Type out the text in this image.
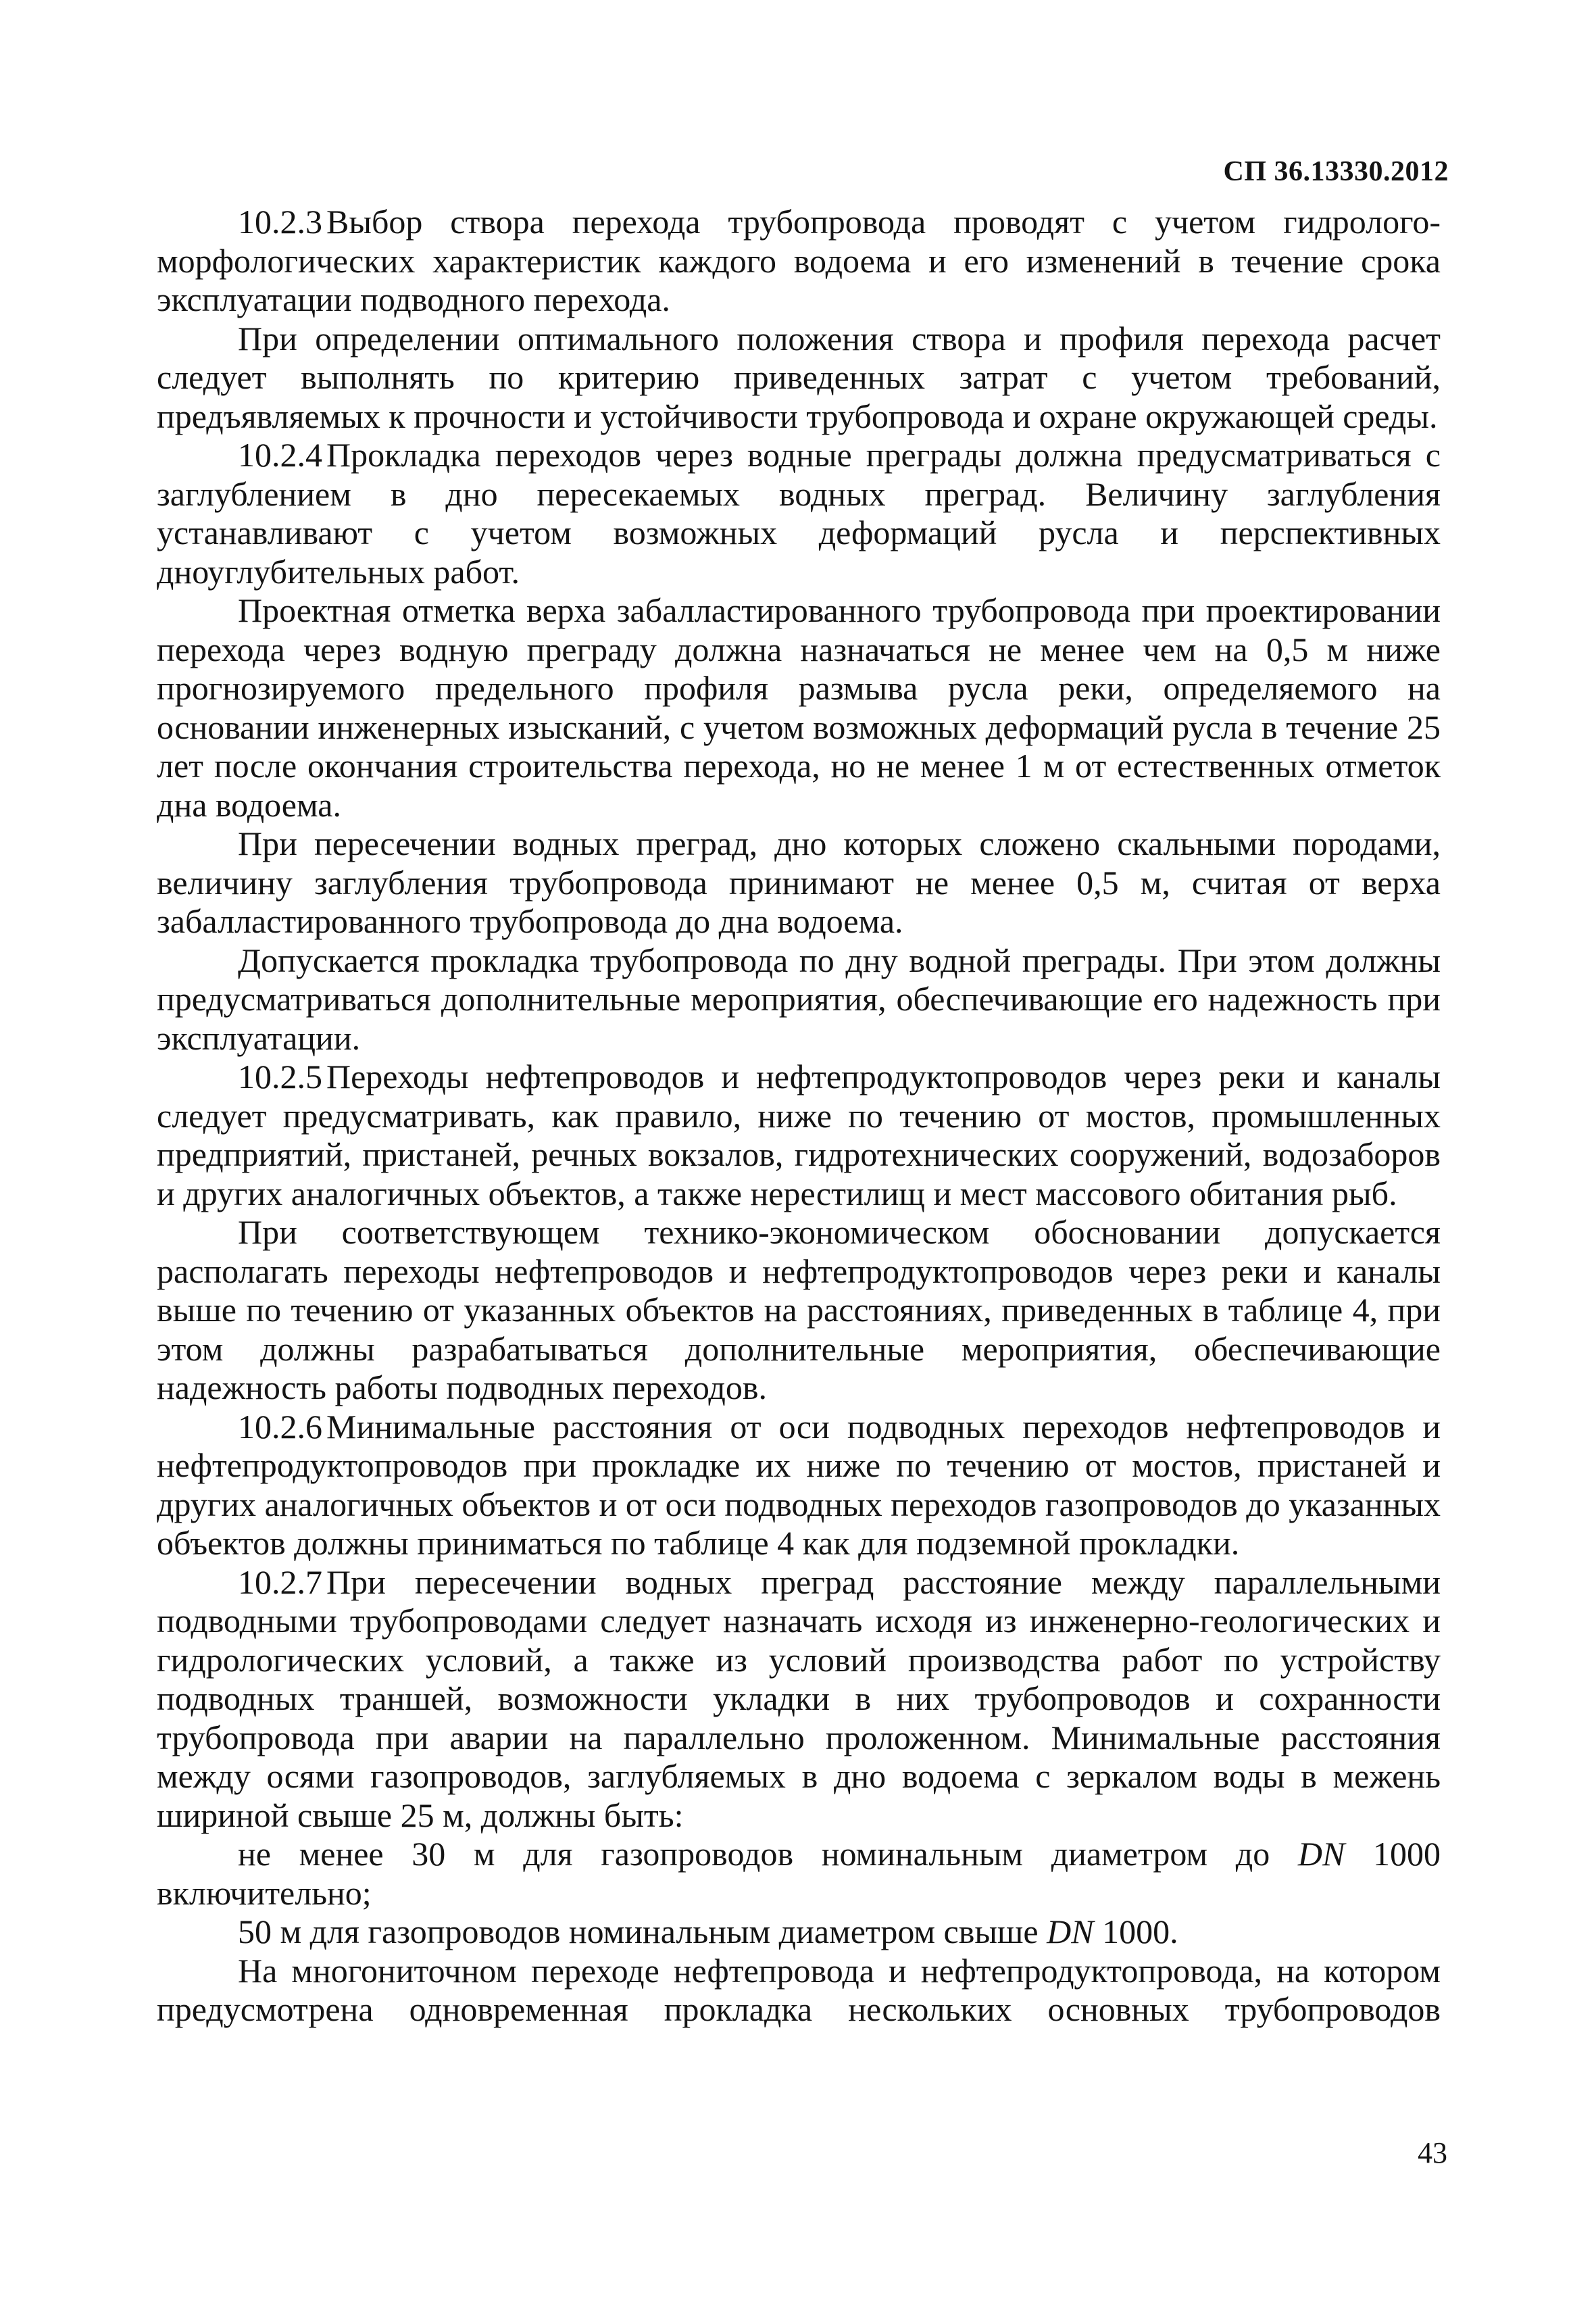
СП 36.13330.2012

10.2.3 Выбор створа перехода трубопровода проводят с учетом гидролого-морфологических характеристик каждого водоема и его изменений в течение срока эксплуатации подводного перехода.

При определении оптимального положения створа и профиля перехода расчет следует выполнять по критерию приведенных затрат с учетом требований, предъявляемых к прочности и устойчивости трубопровода и охране окружающей среды.

10.2.4 Прокладка переходов через водные преграды должна предусматриваться с заглублением в дно пересекаемых водных преград. Величину заглубления устанавливают с учетом возможных деформаций русла и перспективных дноуглубительных работ.

Проектная отметка верха забалластированного трубопровода при проектировании перехода через водную преграду должна назначаться не менее чем на 0,5 м ниже прогнозируемого предельного профиля размыва русла реки, определяемого на основании инженерных изысканий, с учетом возможных деформаций русла в течение 25 лет после окончания строительства перехода, но не менее 1 м от естественных отметок дна водоема.

При пересечении водных преград, дно которых сложено скальными породами, величину заглубления трубопровода принимают не менее 0,5 м, считая от верха забалластированного трубопровода до дна водоема.

Допускается прокладка трубопровода по дну водной преграды. При этом должны предусматриваться дополнительные мероприятия, обеспечивающие его надежность при эксплуатации.

10.2.5 Переходы нефтепроводов и нефтепродуктопроводов через реки и каналы следует предусматривать, как правило, ниже по течению от мостов, промышленных предприятий, пристаней, речных вокзалов, гидротехнических сооружений, водозаборов и других аналогичных объектов, а также нерестилищ и мест массового обитания рыб.

При соответствующем технико-экономическом обосновании допускается располагать переходы нефтепроводов и нефтепродуктопроводов через реки и каналы выше по течению от указанных объектов на расстояниях, приведенных в таблице 4, при этом должны разрабатываться дополнительные мероприятия, обеспечивающие надежность работы подводных переходов.

10.2.6 Минимальные расстояния от оси подводных переходов нефтепроводов и нефтепродуктопроводов при прокладке их ниже по течению от мостов, пристаней и других аналогичных объектов и от оси подводных переходов газопроводов до указанных объектов должны приниматься по таблице 4 как для подземной прокладки.

10.2.7 При пересечении водных преград расстояние между параллельными подводными трубопроводами следует назначать исходя из инженерно-геологических и гидрологических условий, а также из условий производства работ по устройству подводных траншей, возможности укладки в них трубопроводов и сохранности трубопровода при аварии на параллельно проложенном. Минимальные расстояния между осями газопроводов, заглубляемых в дно водоема с зеркалом воды в межень шириной свыше 25 м, должны быть:

не менее 30 м для газопроводов номинальным диаметром до DN 1000 включительно;

50 м для газопроводов номинальным диаметром свыше DN 1000.

На многониточном переходе нефтепровода и нефтепродуктопровода, на котором предусмотрена одновременная прокладка нескольких основных трубопроводов

43
